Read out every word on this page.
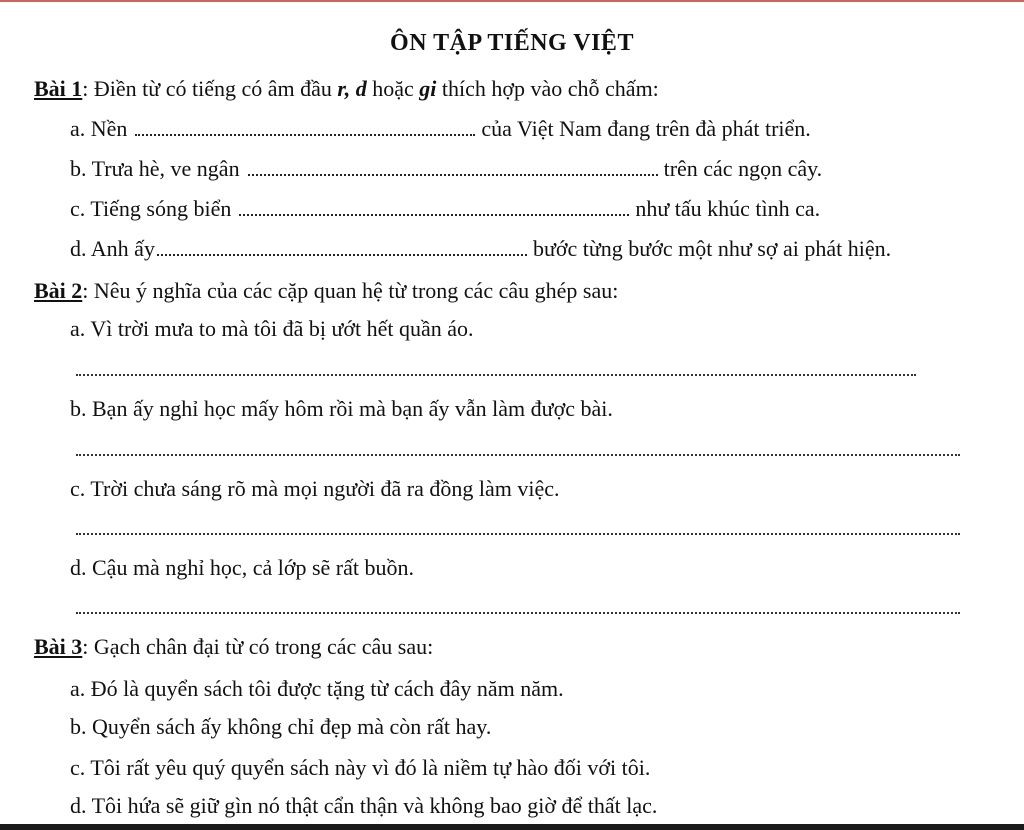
ÔN TẬP TIẾNG VIỆT
Bài 1: Điền từ có tiếng có âm đầu r, d hoặc gi thích hợp vào chỗ chấm:
a. Nền	của Việt Nam đang trên đà phát triển.
b. Trưa hè, ve ngân	trên các ngọn cây.
c. Tiếng sóng biển	như tấu khúc tình ca.
d. Anh ấy	bước từng bước một như sợ ai phát hiện.
Bài 2: Nêu ý nghĩa của các cặp quan hệ từ trong các câu ghép sau:
a. Vì trời mưa to mà tôi đã bị ướt hết quần áo.
b. Bạn ấy nghỉ học mấy hôm rồi mà bạn ấy vẫn làm được bài.
c. Trời chưa sáng rõ mà mọi người đã ra đồng làm việc.
d. Cậu mà nghỉ học, cả lớp sẽ rất buồn.
Bài 3: Gạch chân đại từ có trong các câu sau:
a. Đó là quyển sách tôi được tặng từ cách đây năm năm.
b. Quyển sách ấy không chỉ đẹp mà còn rất hay.
c. Tôi rất yêu quý quyển sách này vì đó là niềm tự hào đối với tôi.
d. Tôi hứa sẽ giữ gìn nó thật cẩn thận và không bao giờ để thất lạc.
